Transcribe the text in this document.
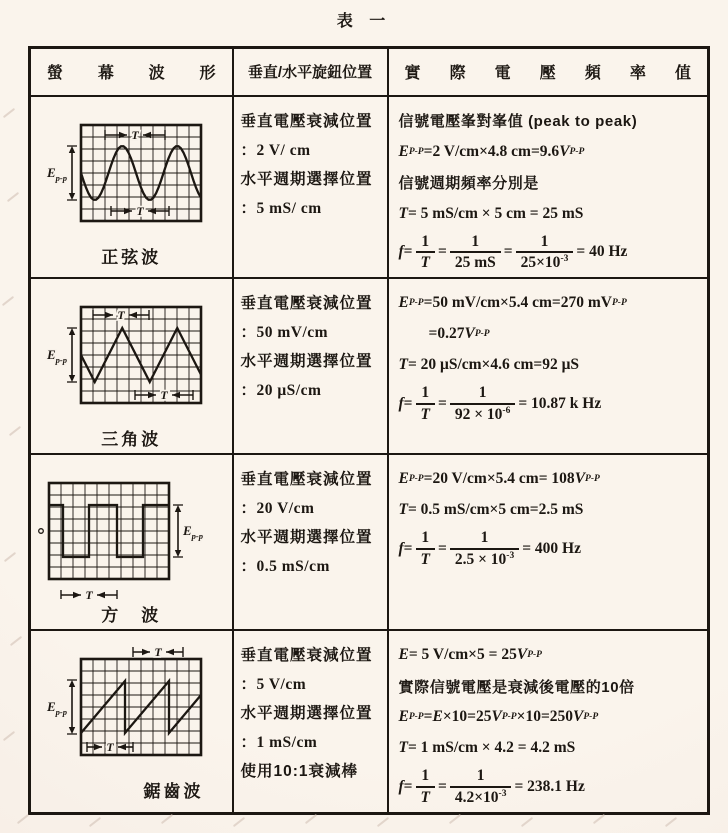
表 一
螢 幕 波 形	垂直/水平旋鈕位置	實 際 電 壓 頻 率 值

$E_{p-p}$
T
T
正弦波

垂直電壓衰減位置
：2 V/ cm
水平週期選擇位置
：5 mS/ cm

信號電壓峯對峯值 (peak to peak)
E P-P =2 V/cm×4.8 cm=9.6 V P-P
信號週期頻率分別是
T = 5 mS/cm × 5 cm = 25 mS
$f = \frac{1}{T} = \frac{1}{25 mS} = \frac{1}{25\times 10^{-3}} = 40$ Hz

$E_{p-p}$
T
T
三角波

垂直電壓衰減位置
：50 mV/cm
水平週期選擇位置
：20 μS/cm

E P-P =50 mV/cm×5.4 cm=270 mV P-P
=0.27 V P-P
T = 20 μS/cm×4.6 cm=92 μS
$f = \frac{1}{T} = \frac{1}{92 \times 10^{-6}} = 10.87$ k Hz

$E_{p-p}$
T
方　波

垂直電壓衰減位置
：20 V/cm
水平週期選擇位置
：0.5 mS/cm

E P-P =20 V/cm×5.4 cm= 108 V P-P
T = 0.5 mS/cm×5 cm=2.5 mS
$f = \frac{1}{T} = \frac{1}{2.5 \times 10^{-3}} = 400$ Hz

$E_{p-p}$
T
T
鋸齒波

垂直電壓衰減位置
：5 V/cm
水平週期選擇位置
：1 mS/cm
使用10:1衰減棒

E = 5 V/cm×5 = 25 V P-P
實際信號電壓是衰減後電壓的10倍
E P-P = E ×10=25 V P-P ×10=250 V P-P
T = 1 mS/cm × 4.2 = 4.2 mS
$f = \frac{1}{T} = \frac{1}{4.2\times 10^{-3}} = 238.1$ Hz
